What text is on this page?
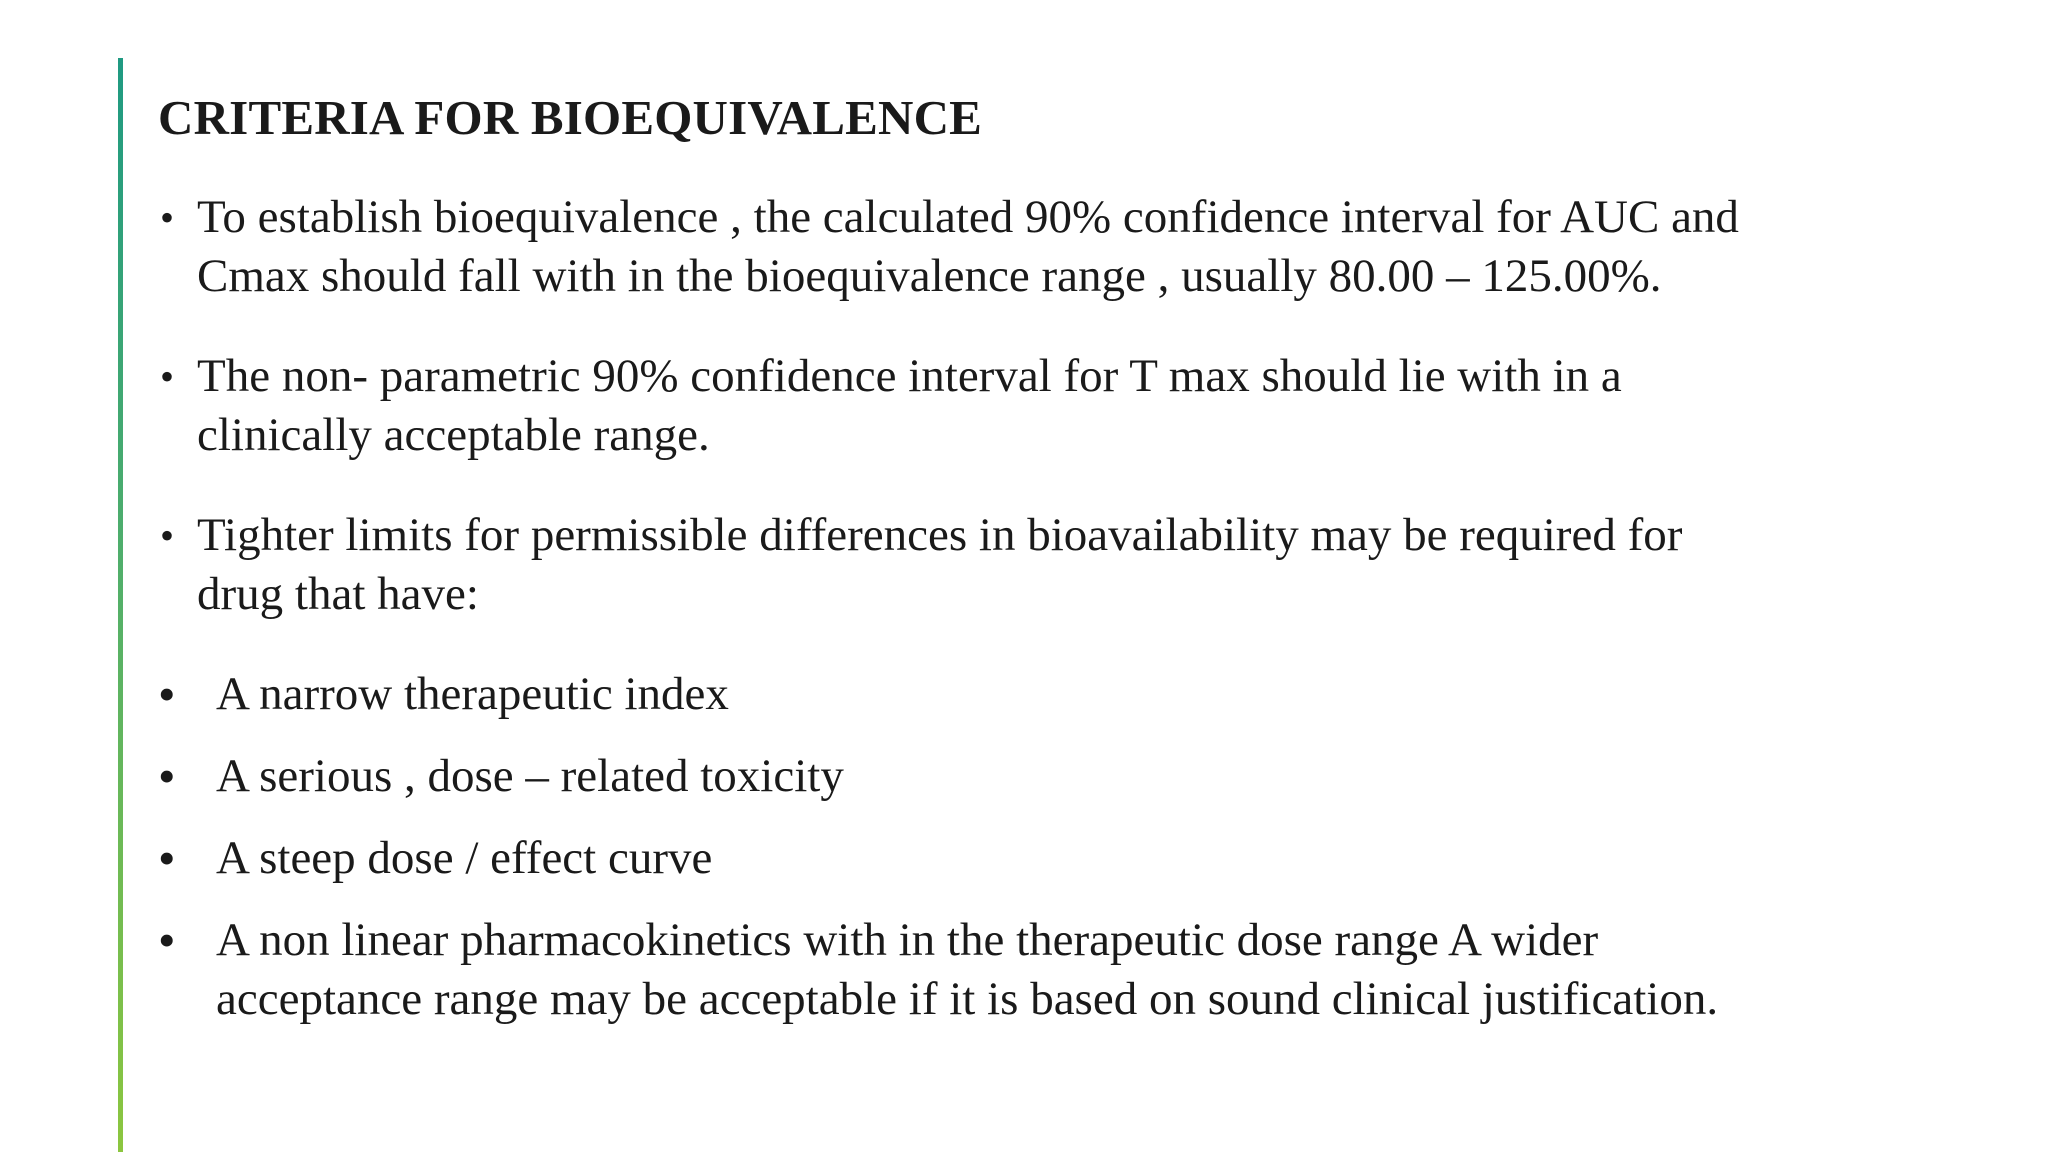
CRITERIA FOR BIOEQUIVALENCE
• To establish bioequivalence , the calculated 90% confidence interval for AUC and
Cmax should fall with in the bioequivalence range , usually 80.00 – 125.00%.
• The non- parametric 90% confidence interval for T max should lie with in a
clinically acceptable range.
• Tighter limits for permissible differences in bioavailability may be required for
drug that have:
• A narrow therapeutic index
• A serious , dose – related toxicity
• A steep dose / effect curve
• A non linear pharmacokinetics with in the therapeutic dose range A wider
acceptance range may be acceptable if it is based on sound clinical justification.
